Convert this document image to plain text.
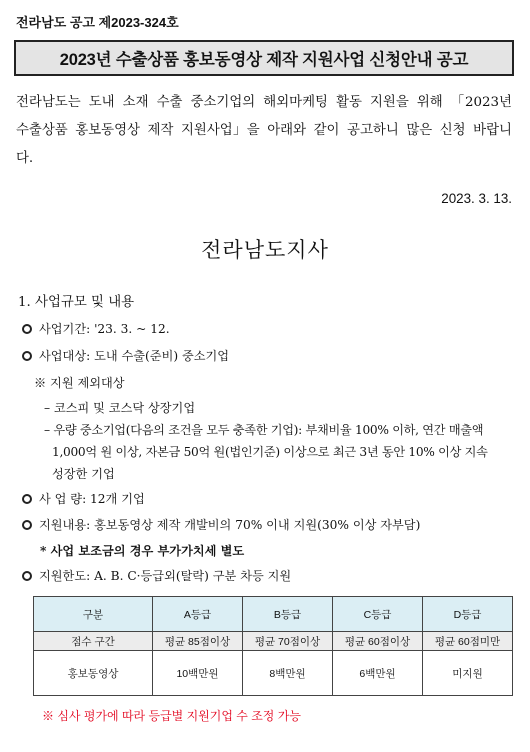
전라남도 공고 제2023-324호
2023년 수출상품 홍보동영상 제작 지원사업 신청안내 공고
전라남도는 도내 소재 수출 중소기업의 해외마케팅 활동 지원을 위해 「2023년 수출상품 홍보동영상 제작 지원사업」을 아래와 같이 공고하니 많은 신청 바랍니다.
2023. 3. 13.
전라남도지사
1. 사업규모 및 내용
사업기간: '23. 3. ~ 12.
사업대상: 도내 수출(준비) 중소기업
※ 지원 제외대상
– 코스피 및 코스닥 상장기업
– 우량 중소기업(다음의 조건을 모두 충족한 기업): 부채비율 100% 이하, 연간 매출액
1,000억 원 이상, 자본금 50억 원(법인기준) 이상으로 최근 3년 동안 10% 이상 지속
성장한 기업
사 업 량: 12개 기업
지원내용: 홍보동영상 제작 개발비의 70% 이내 지원(30% 이상 자부담)
* 사업 보조금의 경우 부가가치세 별도
지원한도: A. B. C·등급외(탈락) 구분 차등 지원
구분	A등급	B등급	C등급	D등급
점수 구간	평균 85점이상	평균 70점이상	평균 60점이상	평균 60점미만
홍보동영상	10백만원	8백만원	6백만원	미지원
※ 심사 평가에 따라 등급별 지원기업 수 조정 가능
